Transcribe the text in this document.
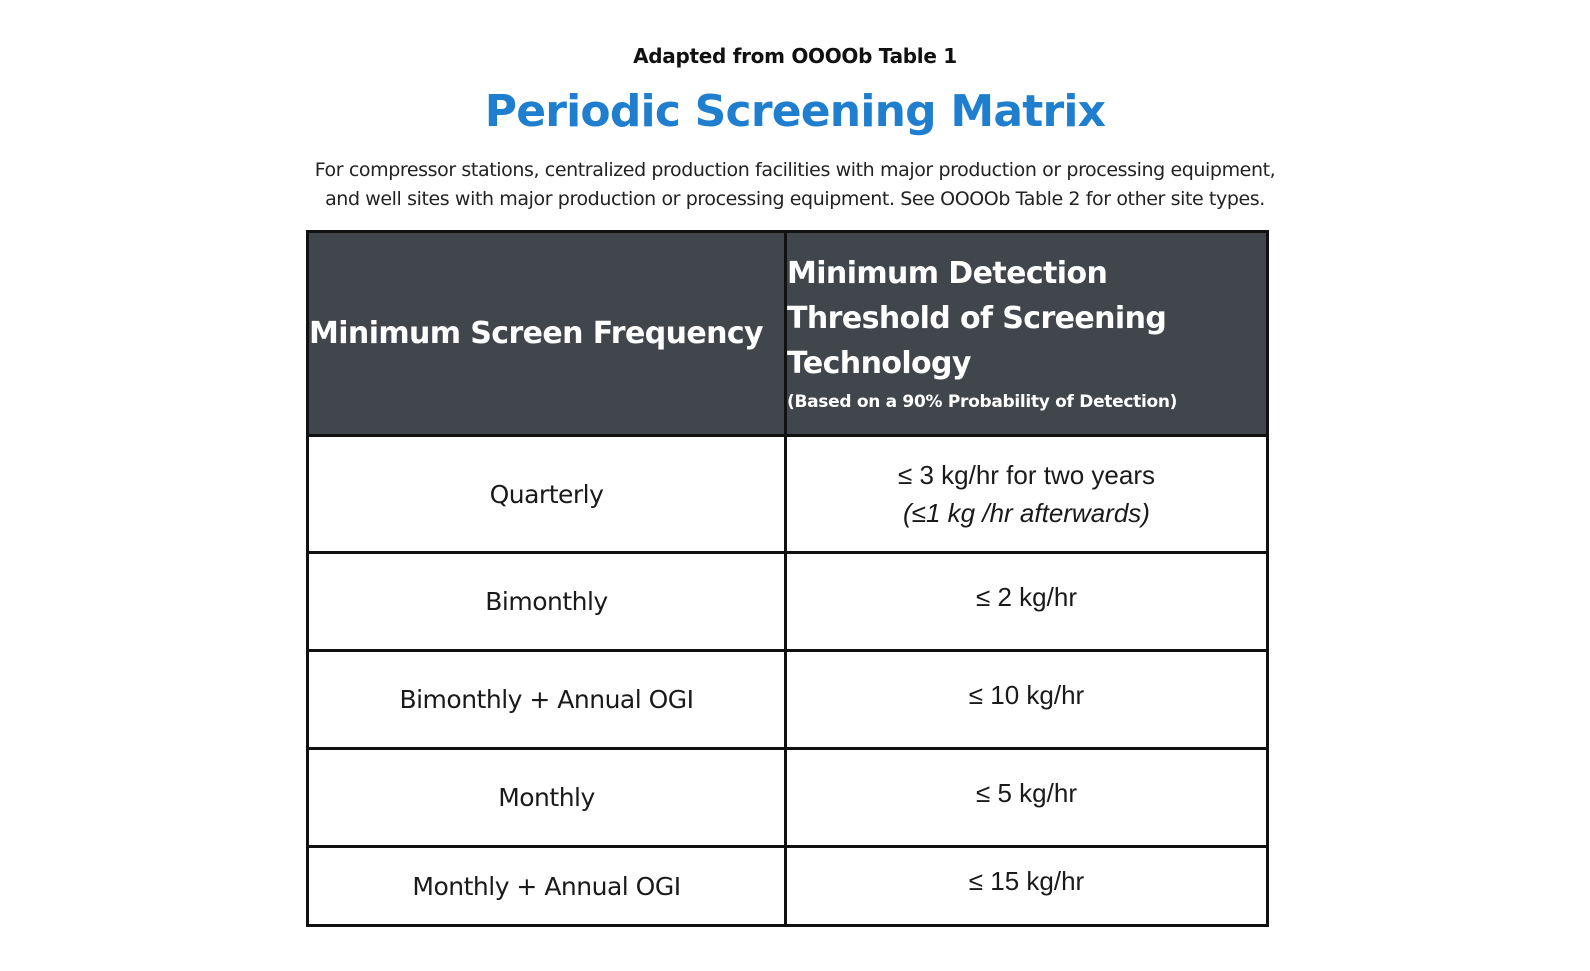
Adapted from OOOOb Table 1
Periodic Screening Matrix
For compressor stations, centralized production facilities with major production or processing equipment,
and well sites with major production or processing equipment. See OOOOb Table 2 for other site types.
Minimum Screen Frequency	Minimum Detection Threshold of Screening Technology
(Based on a 90% Probability of Detection)

Quarterly	≤ 3 kg/hr for two years
(≤1 kg /hr afterwards)

Bimonthly	≤ 2 kg/hr

Bimonthly + Annual OGI	≤ 10 kg/hr

Monthly	≤ 5 kg/hr

Monthly + Annual OGI	≤ 15 kg/hr
